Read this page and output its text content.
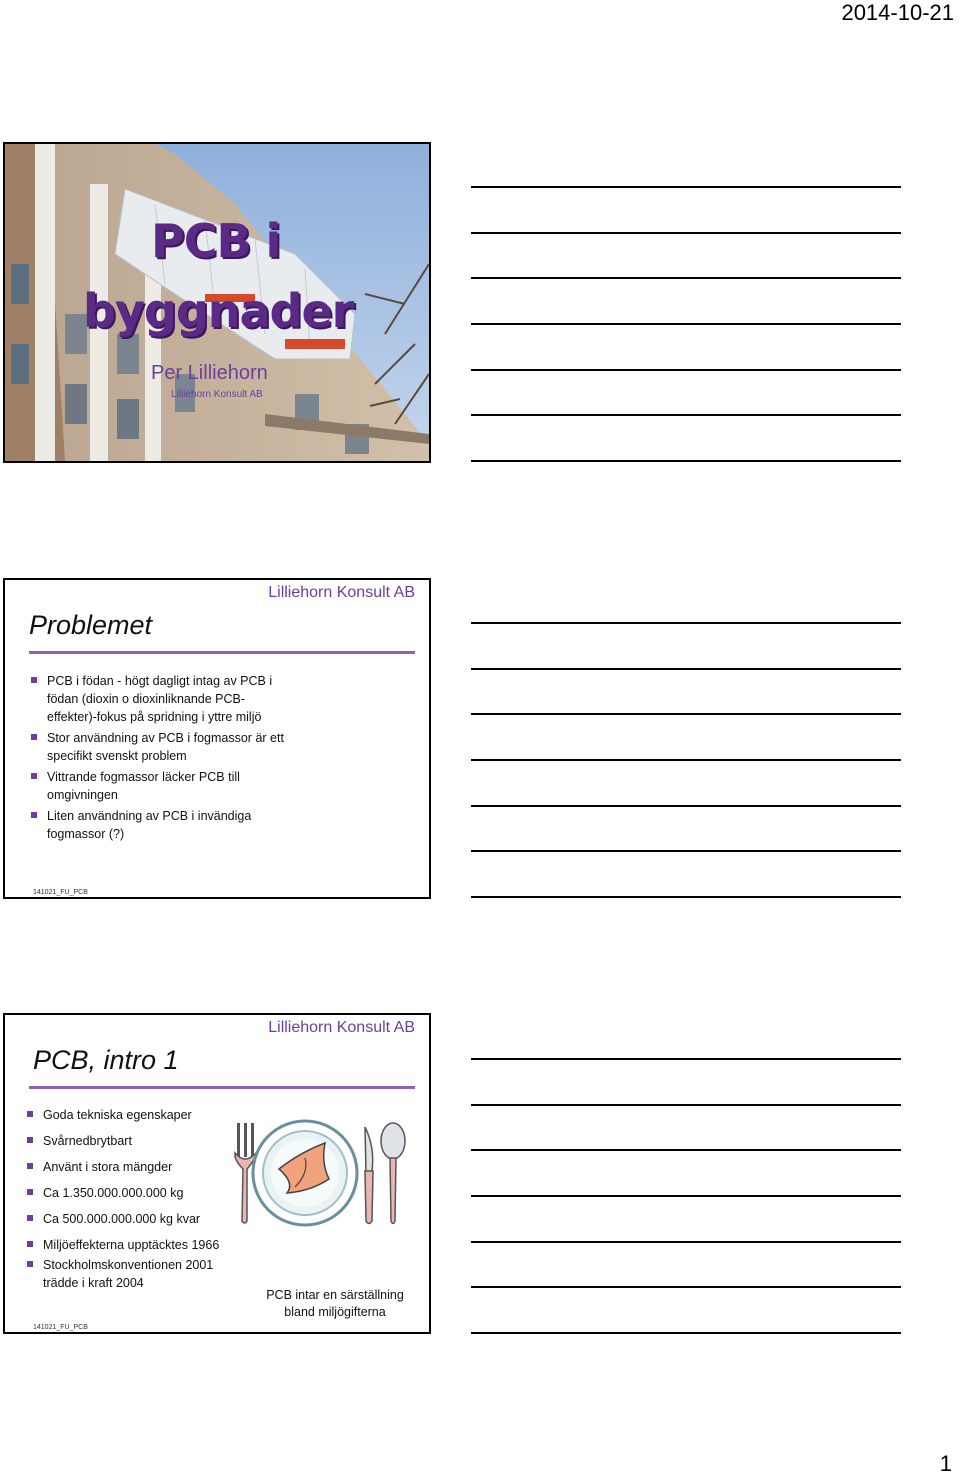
2014-10-21
PCB i
byggnader
Per Lilliehorn
Lilliehorn Konsult AB
Lilliehorn Konsult AB
Problemet
PCB i födan - högt dagligt intag av PCB i födan (dioxin o dioxinliknande PCB-effekter)-fokus på spridning i yttre miljö
Stor användning av PCB i fogmassor är ett specifikt svenskt problem
Vittrande fogmassor läcker PCB till omgivningen
Liten användning av PCB i invändiga fogmassor (?)
141021_FU_PCB
Lilliehorn Konsult AB
PCB, intro 1
Goda tekniska egenskaper
Svårnedbrytbart
Använt i stora mängder
Ca 1.350.000.000.000 kg
Ca 500.000.000.000 kg kvar
Miljöeffekterna upptäcktes 1966
Stockholmskonventionen 2001 trädde i kraft 2004
PCB intar en särställning bland miljögifterna
141021_FU_PCB
1
